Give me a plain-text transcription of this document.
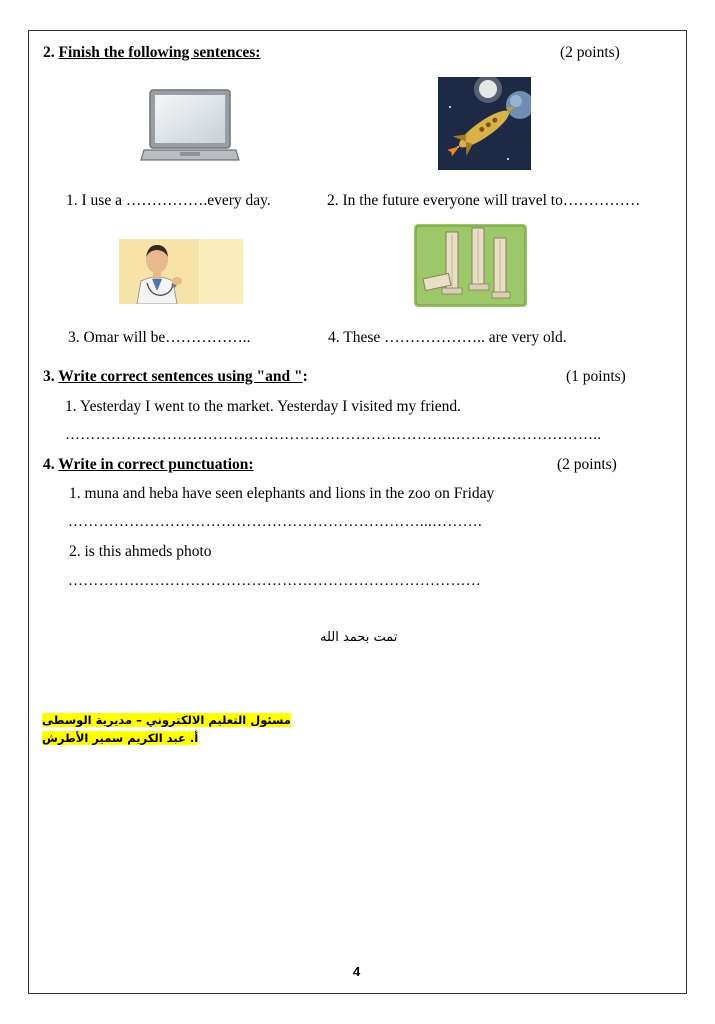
2. Finish the following sentences:	(2 points)
1. I use a …………….every day.	2. In the future everyone will travel to……………
3. Omar will be……………..	4. These ……………….. are very old.
3. Write correct sentences using "and ":	(1 points)
1. Yesterday I went to the market. Yesterday I visited my friend.
…………………………………………………………………..………………………..
4. Write in correct punctuation:	(2 points)
1. muna and heba have seen elephants and lions in the zoo on Friday
……………………………………………………………...……….
2. is this ahmeds photo
………………………………………………………………………
تمت بحمد الله
مسئول التعليم الالكتروني – مديرية الوسطى
أ. عبد الكريم سمير الأطرش
4
